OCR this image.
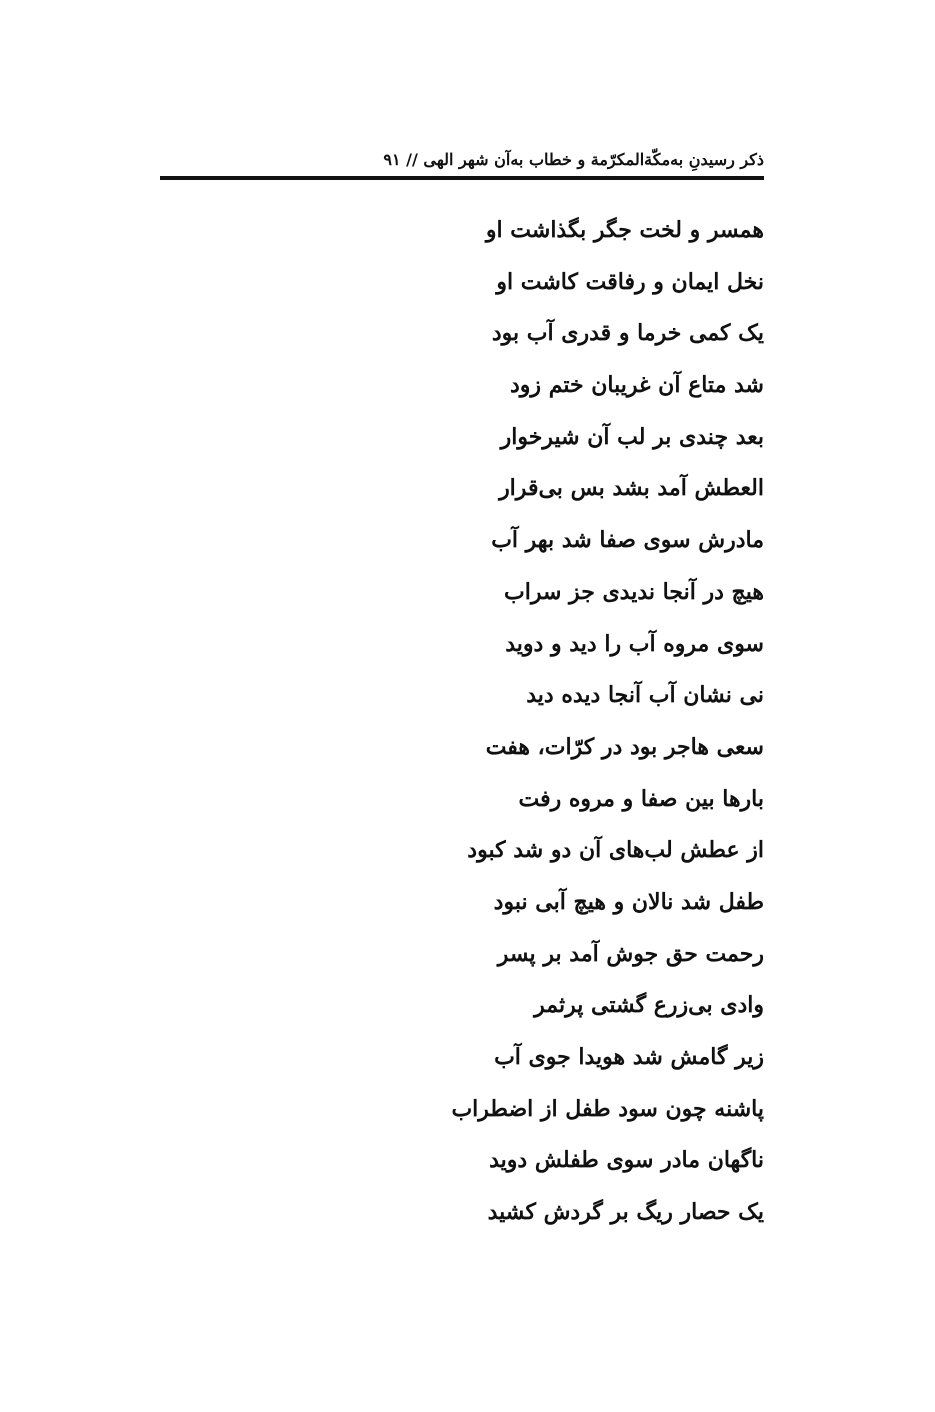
ذکر رسیدنِ به‌مکّةالمکرّمة و خطاب به‌آن شهر الهی // ۹۱
همسر و لخت جگر بگذاشت او
نخل ایمان و رفاقت کاشت او
یک کمی خرما و قدری آب بود
شد متاع آن غریبان ختم زود
بعد چندی بر لب آن شیرخوار
العطش آمد بشد بس بی‌قرار
مادرش سوی صفا شد بهر آب
هیچ در آنجا ندیدی جز سراب
سوی مروه آب را دید و دوید
نی نشان آب آنجا دیده دید
سعی هاجر بود در کرّات، هفت
بارها بین صفا و مروه رفت
از عطش لب‌های آن دو شد کبود
طفل شد نالان و هیچ آبی نبود
رحمت حق جوش آمد بر پسر
وادی بی‌زرع گشتی پرثمر
زیر گامش شد هویدا جوی آب
پاشنه چون سود طفل از اضطراب
ناگهان مادر سوی طفلش دوید
یک حصار ریگ بر گردش کشید
